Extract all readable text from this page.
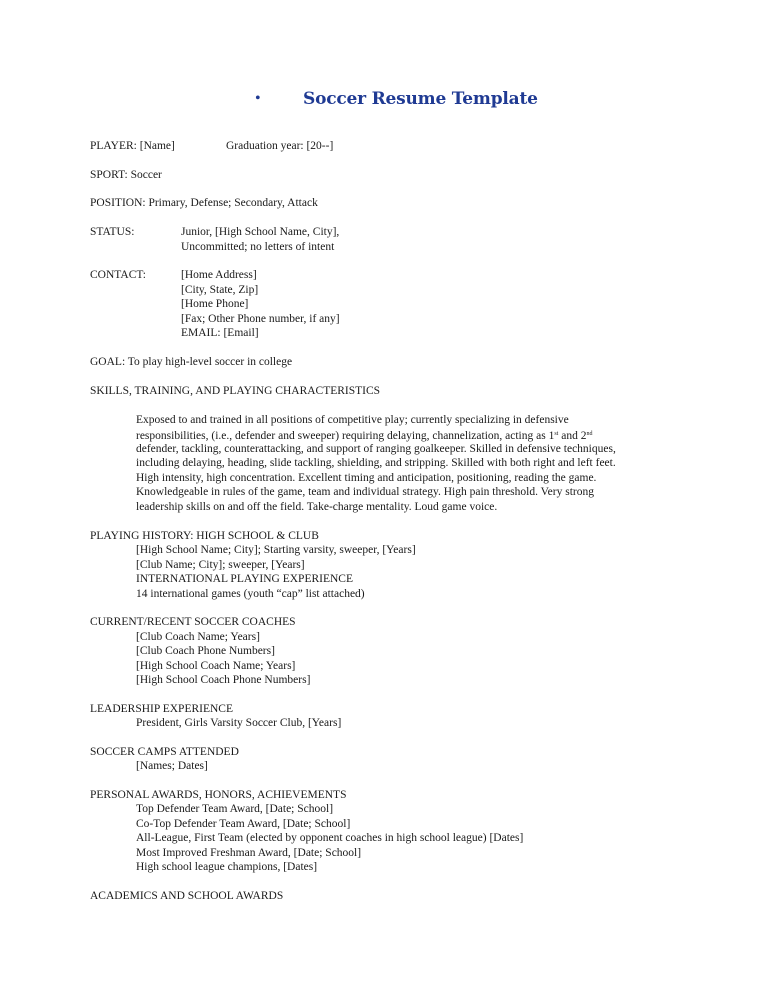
• Soccer Resume Template
PLAYER: [Name]	Graduation year: [20--]
SPORT: Soccer
POSITION: Primary, Defense; Secondary, Attack
STATUS:	Junior, [High School Name, City],
Uncommitted; no letters of intent
CONTACT:	[Home Address]
[City, State, Zip]
[Home Phone]
[Fax; Other Phone number, if any]
EMAIL: [Email]
GOAL: To play high-level soccer in college
SKILLS, TRAINING, AND PLAYING CHARACTERISTICS
Exposed to and trained in all positions of competitive play; currently specializing in defensive
responsibilities, (i.e., defender and sweeper) requiring delaying, channelization, acting as 1st and 2nd
defender, tackling, counterattacking, and support of ranging goalkeeper. Skilled in defensive techniques,
including delaying, heading, slide tackling, shielding, and stripping. Skilled with both right and left feet.
High intensity, high concentration. Excellent timing and anticipation, positioning, reading the game.
Knowledgeable in rules of the game, team and individual strategy. High pain threshold. Very strong
leadership skills on and off the field. Take-charge mentality. Loud game voice.
PLAYING HISTORY: HIGH SCHOOL & CLUB
[High School Name; City]; Starting varsity, sweeper, [Years]
[Club Name; City]; sweeper, [Years]
INTERNATIONAL PLAYING EXPERIENCE
14 international games (youth “cap” list attached)
CURRENT/RECENT SOCCER COACHES
[Club Coach Name; Years]
[Club Coach Phone Numbers]
[High School Coach Name; Years]
[High School Coach Phone Numbers]
LEADERSHIP EXPERIENCE
President, Girls Varsity Soccer Club, [Years]
SOCCER CAMPS ATTENDED
[Names; Dates]
PERSONAL AWARDS, HONORS, ACHIEVEMENTS
Top Defender Team Award, [Date; School]
Co-Top Defender Team Award, [Date; School]
All-League, First Team (elected by opponent coaches in high school league) [Dates]
Most Improved Freshman Award, [Date; School]
High school league champions, [Dates]
ACADEMICS AND SCHOOL AWARDS
